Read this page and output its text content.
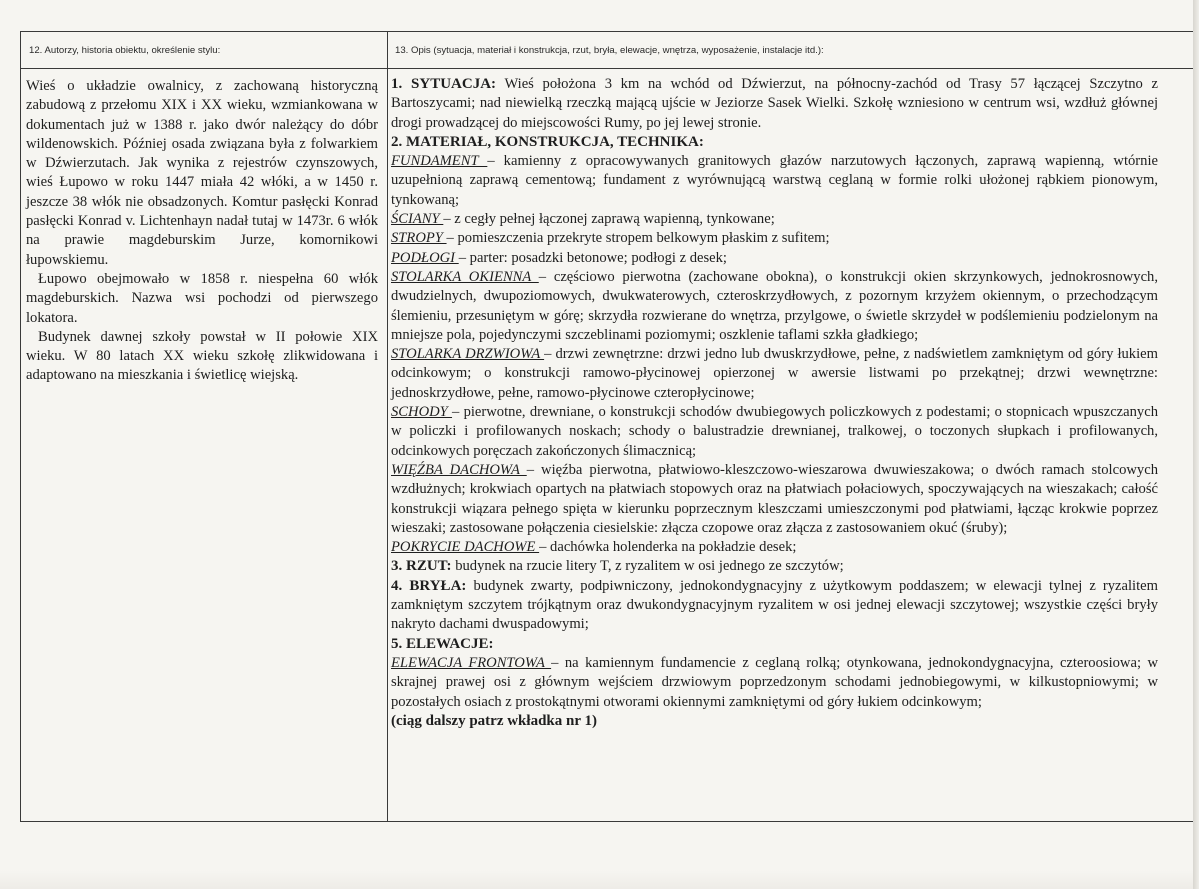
12. Autorzy, historia obiektu, określenie stylu:	13. Opis (sytuacja, materiał i konstrukcja, rzut, bryła, elewacje, wnętrza, wyposażenie, instalacje itd.):

Wieś o układzie owalnicy, z zachowaną historyczną zabudową z przełomu XIX i XX wieku, wzmiankowana w dokumentach już w 1388 r. jako dwór należący do dóbr wildenowskich. Później osada związana była z folwarkiem w Dźwierzutach. Jak wynika z rejestrów czynszowych, wieś Łupowo w roku 1447 miała 42 włóki, a w 1450 r. jeszcze 38 włók nie obsadzonych. Komtur pasłęcki Konrad pasłęcki Konrad v. Lichtenhayn nadał tutaj w 1473r. 6 włók na prawie magdeburskim Jurze, komornikowi łupowskiemu.

Łupowo obejmowało w 1858 r. niespełna 60 włók magdeburskich. Nazwa wsi pochodzi od pierwszego lokatora.

Budynek dawnej szkoły powstał w II połowie XIX wieku. W 80 latach XX wieku szkołę zlikwidowana i adaptowano na mieszkania i świetlicę wiejską.

1. SYTUACJA: Wieś położona 3 km na wchód od Dźwierzut, na północny-zachód od Trasy 57 łączącej Szczytno z Bartoszycami; nad niewielką rzeczką mającą ujście w Jeziorze Sasek Wielki. Szkołę wzniesiono w centrum wsi, wzdłuż głównej drogi prowadzącej do miejscowości Rumy, po jej lewej stronie.

2. MATERIAŁ, KONSTRUKCJA, TECHNIKA:

FUNDAMENT – kamienny z opracowywanych granitowych głazów narzutowych łączonych, zaprawą wapienną, wtórnie uzupełnioną zaprawą cementową; fundament z wyrównującą warstwą ceglaną w formie rolki ułożonej rąbkiem pionowym, tynkowaną;

ŚCIANY – z cegły pełnej łączonej zaprawą wapienną, tynkowane;

STROPY – pomieszczenia przekryte stropem belkowym płaskim z sufitem;

PODŁOGI – parter: posadzki betonowe; podłogi z desek;

STOLARKA OKIENNA – częściowo pierwotna (zachowane obokna), o konstrukcji okien skrzynkowych, jednokrosnowych, dwudzielnych, dwupoziomowych, dwukwaterowych, czteroskrzydłowych, z pozornym krzyżem okiennym, o przechodzącym ślemieniu, przesuniętym w górę; skrzydła rozwierane do wnętrza, przylgowe, o świetle skrzydeł w podślemieniu podzielonym na mniejsze pola, pojedynczymi szczeblinami poziomymi; oszklenie taflami szkła gładkiego;

STOLARKA DRZWIOWA – drzwi zewnętrzne: drzwi jedno lub dwuskrzydłowe, pełne, z nadświetlem zamkniętym od góry łukiem odcinkowym; o konstrukcji ramowo-płycinowej opierzonej w awersie listwami po przekątnej; drzwi wewnętrzne: jednoskrzydłowe, pełne, ramowo-płycinowe czteropłycinowe;

SCHODY – pierwotne, drewniane, o konstrukcji schodów dwubiegowych policzkowych z podestami; o stopnicach wpuszczanych w policzki i profilowanych noskach; schody o balustradzie drewnianej, tralkowej, o toczonych słupkach i profilowanych, odcinkowych poręczach zakończonych ślimacznicą;

WIĘŹBA DACHOWA – więźba pierwotna, płatwiowo-kleszczowo-wieszarowa dwuwieszakowa; o dwóch ramach stolcowych wzdłużnych; krokwiach opartych na płatwiach stopowych oraz na płatwiach połaciowych, spoczywających na wieszakach; całość konstrukcji wiązara pełnego spięta w kierunku poprzecznym kleszczami umieszczonymi pod płatwiami, łącząc krokwie poprzez wieszaki; zastosowane połączenia ciesielskie: złącza czopowe oraz złącza z zastosowaniem okuć (śruby);

POKRYCIE DACHOWE – dachówka holenderka na pokładzie desek;

3. RZUT: budynek na rzucie litery T, z ryzalitem w osi jednego ze szczytów;

4. BRYŁA: budynek zwarty, podpiwniczony, jednokondygnacyjny z użytkowym poddaszem; w elewacji tylnej z ryzalitem zamkniętym szczytem trójkątnym oraz dwukondygnacyjnym ryzalitem w osi jednej elewacji szczytowej; wszystkie części bryły nakryto dachami dwuspadowymi;

5. ELEWACJE:

ELEWACJA FRONTOWA – na kamiennym fundamencie z ceglaną rolką; otynkowana, jednokondygnacyjna, czteroosiowa; w skrajnej prawej osi z głównym wejściem drzwiowym poprzedzonym schodami jednobiegowymi, w kilkustopniowymi; w pozostałych osiach z prostokątnymi otworami okiennymi zamkniętymi od góry łukiem odcinkowym;

(ciąg dalszy patrz wkładka nr 1)
